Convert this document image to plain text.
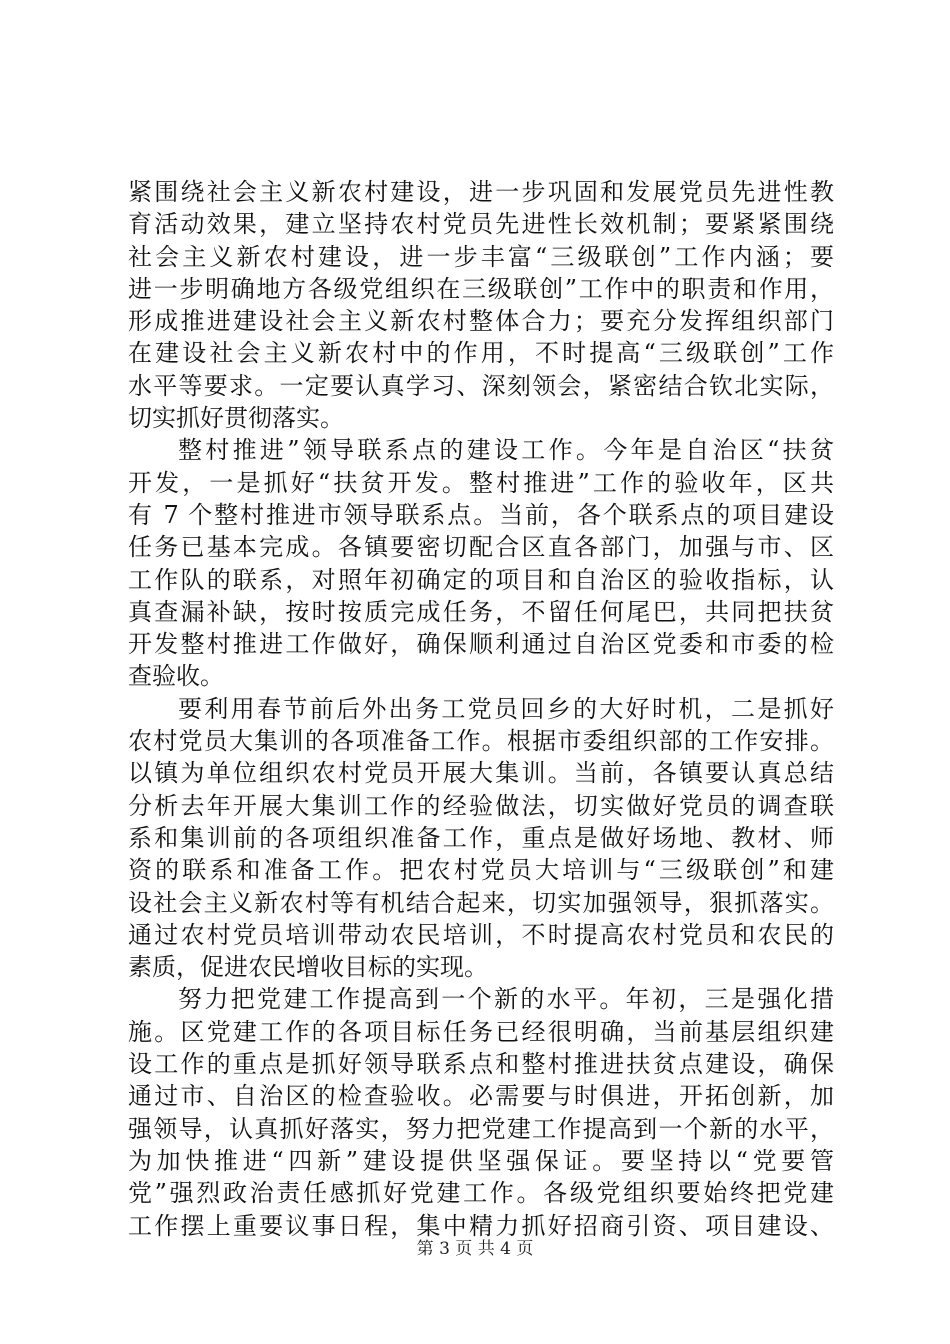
紧围绕社会主义新农村建设，进一步巩固和发展党员先进性教
育活动效果，建立坚持农村党员先进性长效机制；要紧紧围绕
社会主义新农村建设，进一步丰富“三级联创”工作内涵；要
进一步明确地方各级党组织在三级联创”工作中的职责和作用，
形成推进建设社会主义新农村整体合力；要充分发挥组织部门
在建设社会主义新农村中的作用，不时提高“三级联创”工作
水平等要求。一定要认真学习、深刻领会，紧密结合钦北实际，
切实抓好贯彻落实。
整村推进”领导联系点的建设工作。今年是自治区“扶贫
开发，一是抓好“扶贫开发。整村推进”工作的验收年，区共
有 7 个整村推进市领导联系点。当前，各个联系点的项目建设
任务已基本完成。各镇要密切配合区直各部门，加强与市、区
工作队的联系，对照年初确定的项目和自治区的验收指标，认
真查漏补缺，按时按质完成任务，不留任何尾巴，共同把扶贫
开发整村推进工作做好，确保顺利通过自治区党委和市委的检
查验收。
要利用春节前后外出务工党员回乡的大好时机，二是抓好
农村党员大集训的各项准备工作。根据市委组织部的工作安排。
以镇为单位组织农村党员开展大集训。当前，各镇要认真总结
分析去年开展大集训工作的经验做法，切实做好党员的调查联
系和集训前的各项组织准备工作，重点是做好场地、教材、师
资的联系和准备工作。把农村党员大培训与“三级联创”和建
设社会主义新农村等有机结合起来，切实加强领导，狠抓落实。
通过农村党员培训带动农民培训，不时提高农村党员和农民的
素质，促进农民增收目标的实现。
努力把党建工作提高到一个新的水平。年初，三是强化措
施。区党建工作的各项目标任务已经很明确，当前基层组织建
设工作的重点是抓好领导联系点和整村推进扶贫点建设，确保
通过市、自治区的检查验收。必需要与时俱进，开拓创新，加
强领导，认真抓好落实，努力把党建工作提高到一个新的水平，
为加快推进“四新”建设提供坚强保证。要坚持以“党要管
党”强烈政治责任感抓好党建工作。各级党组织要始终把党建
工作摆上重要议事日程，集中精力抓好招商引资、项目建设、
第 3 页 共 4 页
